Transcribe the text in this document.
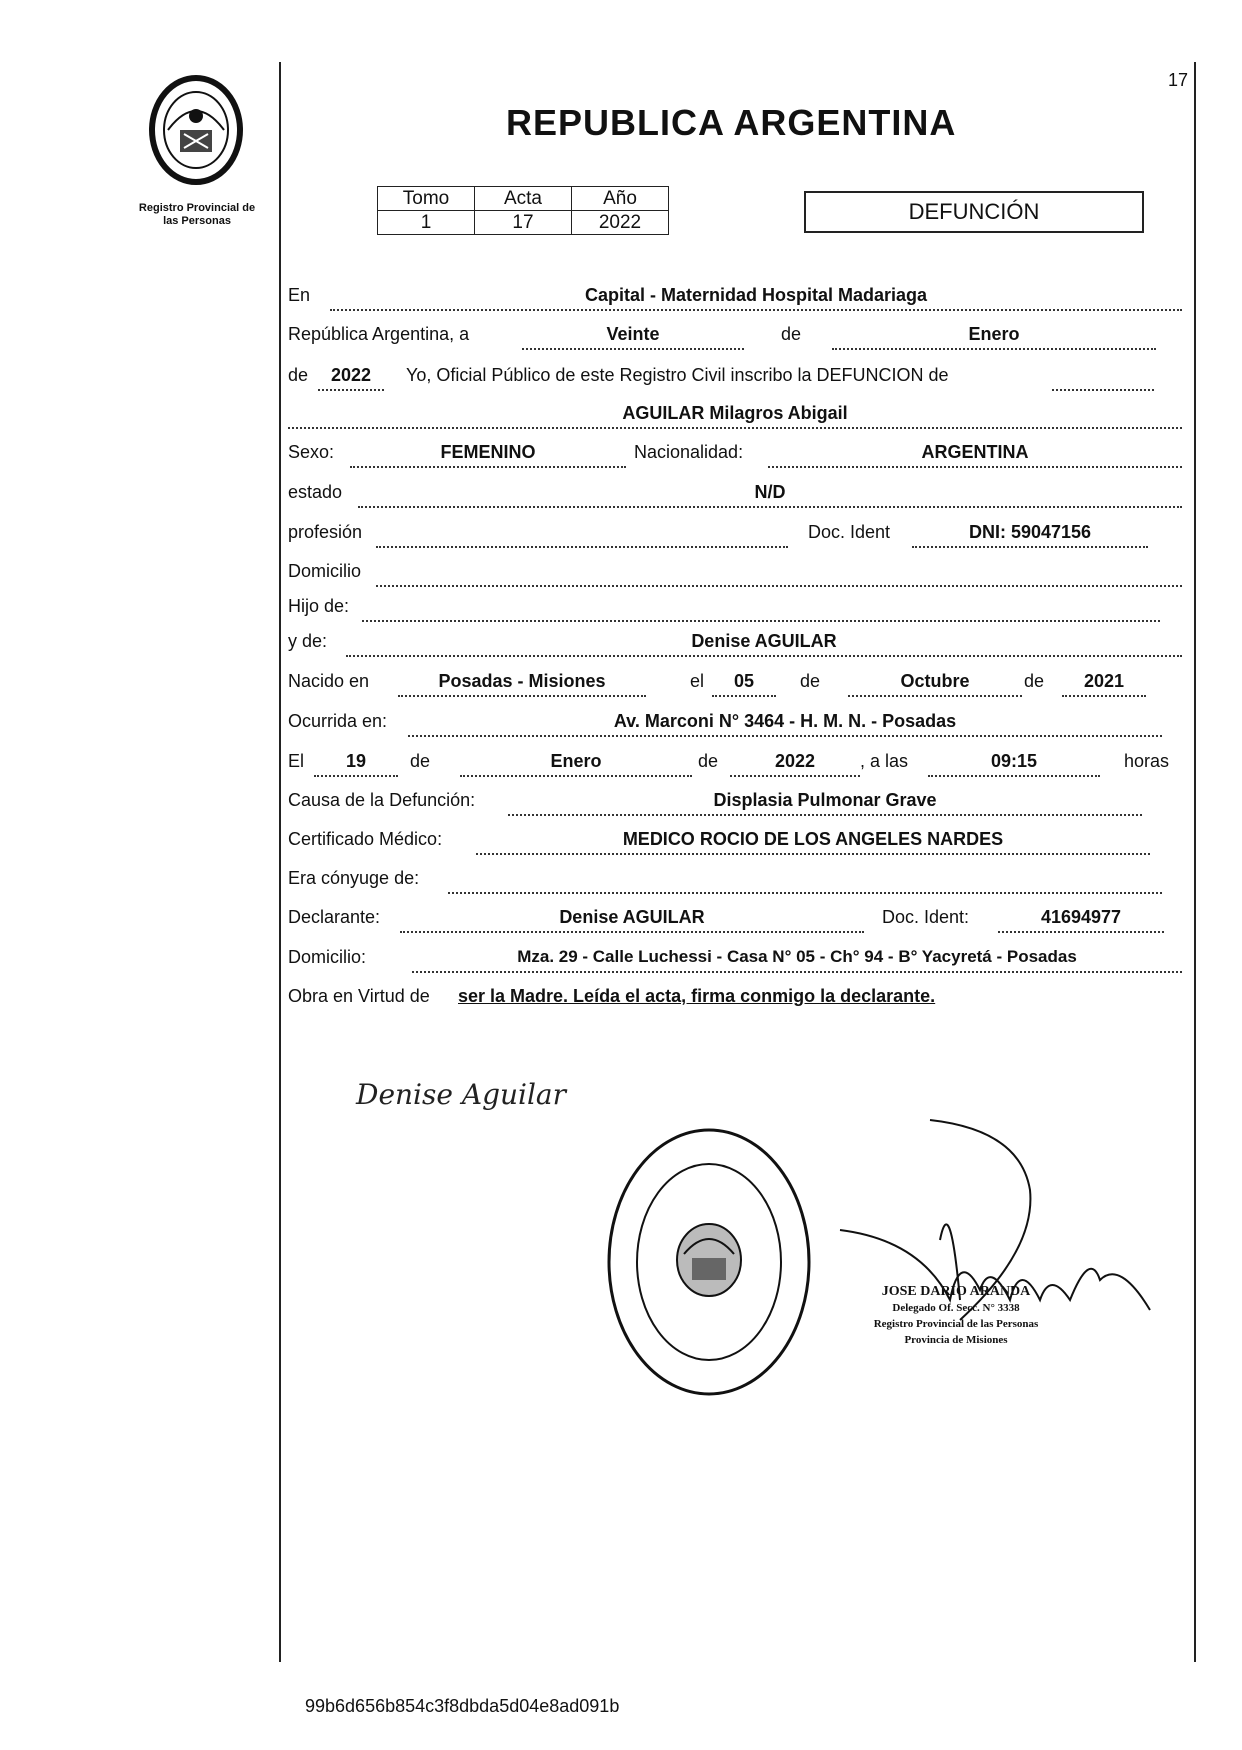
17
Registro Provincial de
las Personas
REPUBLICA ARGENTINA
Tomo	Acta	Año
1	17	2022	DEFUNCIÓN
En	Capital - Maternidad Hospital Madariaga
República Argentina, a	Veinte	de	Enero
de	2022	Yo, Oficial Público de este Registro Civil inscribo la DEFUNCION de
AGUILAR Milagros Abigail
Sexo:	FEMENINO	Nacionalidad:	ARGENTINA
estado	N/D
profesión	Doc. Ident	DNI: 59047156
Domicilio
Hijo de:
y de:	Denise AGUILAR
Nacido en	Posadas - Misiones	el	05	de	Octubre	de	2021
Ocurrida en:	Av. Marconi N° 3464 - H. M. N. - Posadas
El	19	de	Enero	de	2022	, a las	09:15	horas
Causa de la Defunción:	Displasia Pulmonar Grave
Certificado Médico:	MEDICO ROCIO DE LOS ANGELES NARDES
Era cónyuge de:
Declarante:	Denise AGUILAR	Doc. Ident:	41694977
Domicilio:	Mza. 29 - Calle Luchessi - Casa N° 05 - Ch° 94 - B° Yacyretá - Posadas
Obra en Virtud de ser la Madre. Leída el acta, firma conmigo la declarante.
Denise Aguilar
JOSE DARIO ARANDA
Delegado Of. Secc. N° 3338
Registro Provincial de las Personas
Provincia de Misiones
99b6d656b854c3f8dbda5d04e8ad091b
